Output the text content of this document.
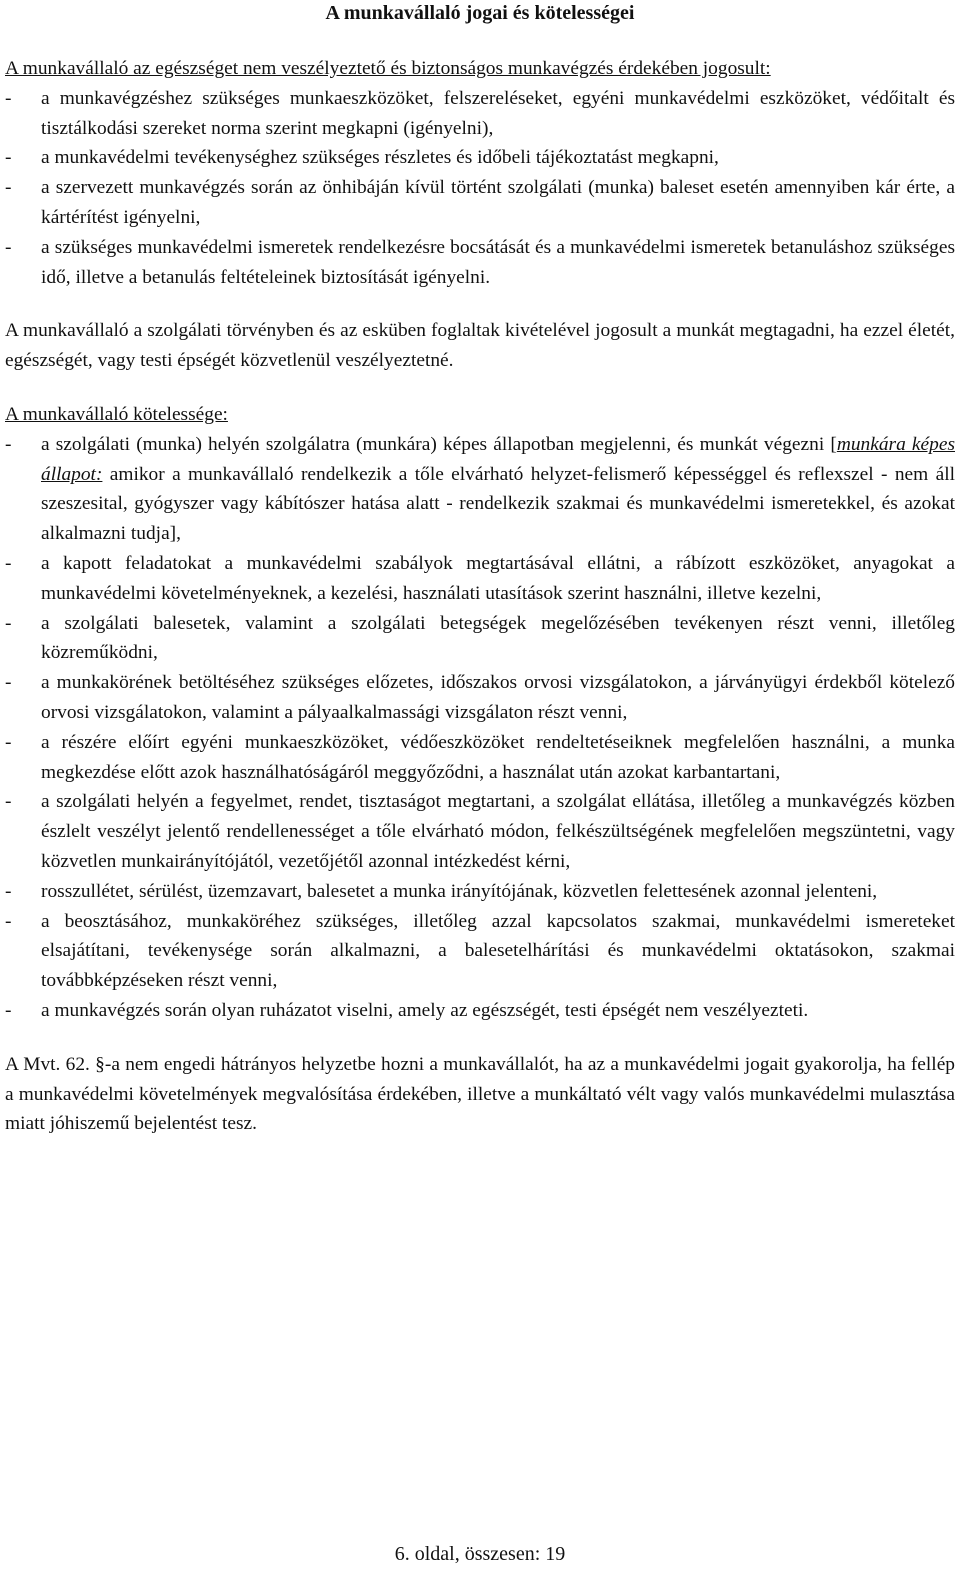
A munkavállaló jogai és kötelességei

A munkavállaló az egészséget nem veszélyeztető és biztonságos munkavégzés érdekében jogosult:

- a munkavégzéshez szükséges munkaeszközöket, felszereléseket, egyéni munkavédelmi eszközöket, védőitalt és tisztálkodási szereket norma szerint megkapni (igényelni),
- a munkavédelmi tevékenységhez szükséges részletes és időbeli tájékoztatást megkapni,
- a szervezett munkavégzés során az önhibáján kívül történt szolgálati (munka) baleset esetén amennyiben kár érte, a kártérítést igényelni,
- a szükséges munkavédelmi ismeretek rendelkezésre bocsátását és a munkavédelmi ismeretek betanuláshoz szükséges idő, illetve a betanulás feltételeinek biztosítását igényelni.

A munkavállaló a szolgálati törvényben és az esküben foglaltak kivételével jogosult a munkát megtagadni, ha ezzel életét, egészségét, vagy testi épségét közvetlenül veszélyeztetné.

A munkavállaló kötelessége:

- a szolgálati (munka) helyén szolgálatra (munkára) képes állapotban megjelenni, és munkát végezni [munkára képes állapot: amikor a munkavállaló rendelkezik a tőle elvárható helyzet-felismerő képességgel és reflexszel - nem áll szeszesital, gyógyszer vagy kábítószer hatása alatt - rendelkezik szakmai és munkavédelmi ismeretekkel, és azokat alkalmazni tudja],
- a kapott feladatokat a munkavédelmi szabályok megtartásával ellátni, a rábízott eszközöket, anyagokat a munkavédelmi követelményeknek, a kezelési, használati utasítások szerint használni, illetve kezelni,
- a szolgálati balesetek, valamint a szolgálati betegségek megelőzésében tevékenyen részt venni, illetőleg közreműködni,
- a munkakörének betöltéséhez szükséges előzetes, időszakos orvosi vizsgálatokon, a járványügyi érdekből kötelező orvosi vizsgálatokon, valamint a pályaalkalmassági vizsgálaton részt venni,
- a részére előírt egyéni munkaeszközöket, védőeszközöket rendeltetéseiknek megfelelően használni, a munka megkezdése előtt azok használhatóságáról meggyőződni, a használat után azokat karbantartani,
- a szolgálati helyén a fegyelmet, rendet, tisztaságot megtartani, a szolgálat ellátása, illetőleg a munkavégzés közben észlelt veszélyt jelentő rendellenességet a tőle elvárható módon, felkészültségének megfelelően megszüntetni, vagy közvetlen munkairányítójától, vezetőjétől azonnal intézkedést kérni,
- rosszullétet, sérülést, üzemzavart, balesetet a munka irányítójának, közvetlen felettesének azonnal jelenteni,
- a beosztásához, munkaköréhez szükséges, illetőleg azzal kapcsolatos szakmai, munkavédelmi ismereteket elsajátítani, tevékenysége során alkalmazni, a balesetelhárítási és munkavédelmi oktatásokon, szakmai továbbképzéseken részt venni,
- a munkavégzés során olyan ruházatot viselni, amely az egészségét, testi épségét nem veszélyezteti.

A Mvt. 62. §-a nem engedi hátrányos helyzetbe hozni a munkavállalót, ha az a munkavédelmi jogait gyakorolja, ha fellép a munkavédelmi követelmények megvalósítása érdekében, illetve a munkáltató vélt vagy valós munkavédelmi mulasztása miatt jóhiszemű bejelentést tesz.

6. oldal, összesen: 19
